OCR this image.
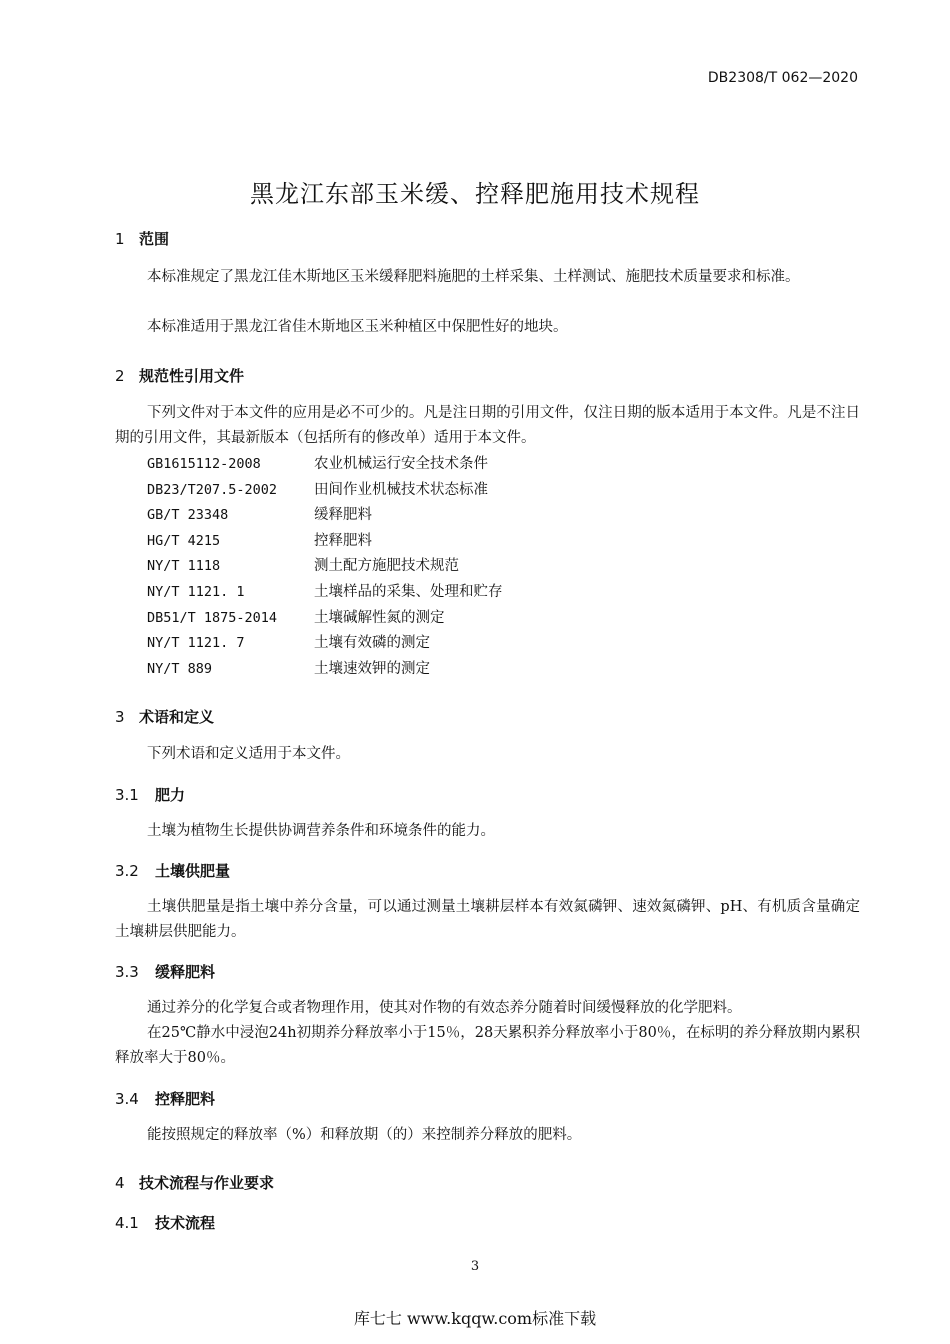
DB2308/T 062—2020
黑龙江东部玉米缓、控释肥施用技术规程
1 范围
本标准规定了黑龙江佳木斯地区玉米缓释肥料施肥的土样采集、土样测试、施肥技术质量要求和标准。
本标准适用于黑龙江省佳木斯地区玉米种植区中保肥性好的地块。
2 规范性引用文件
下列文件对于本文件的应用是必不可少的。凡是注日期的引用文件，仅注日期的版本适用于本文件。凡是不注日期的引用文件，其最新版本（包括所有的修改单）适用于本文件。
GB1615112-2008	农业机械运行安全技术条件
DB23/T207.5-2002	田间作业机械技术状态标准
GB/T 23348	缓释肥料
HG/T 4215	控释肥料
NY/T 1118	测土配方施肥技术规范
NY/T 1121. 1	土壤样品的采集、处理和贮存
DB51/T 1875-2014	土壤碱解性氮的测定
NY/T 1121. 7	土壤有效磷的测定
NY/T 889	土壤速效钾的测定
3 术语和定义
下列术语和定义适用于本文件。
3.1 肥力
土壤为植物生长提供协调营养条件和环境条件的能力。
3.2 土壤供肥量
土壤供肥量是指土壤中养分含量，可以通过测量土壤耕层样本有效氮磷钾、速效氮磷钾、pH、有机质含量确定土壤耕层供肥能力。
3.3 缓释肥料
通过养分的化学复合或者物理作用，使其对作物的有效态养分随着时间缓慢释放的化学肥料。
在25℃静水中浸泡24h初期养分释放率小于15％，28天累积养分释放率小于80％，在标明的养分释放期内累积释放率大于80％。
3.4 控释肥料
能按照规定的释放率（%）和释放期（的）来控制养分释放的肥料。
4 技术流程与作业要求
4.1 技术流程
3
库七七 www.kqqw.com标准下载
